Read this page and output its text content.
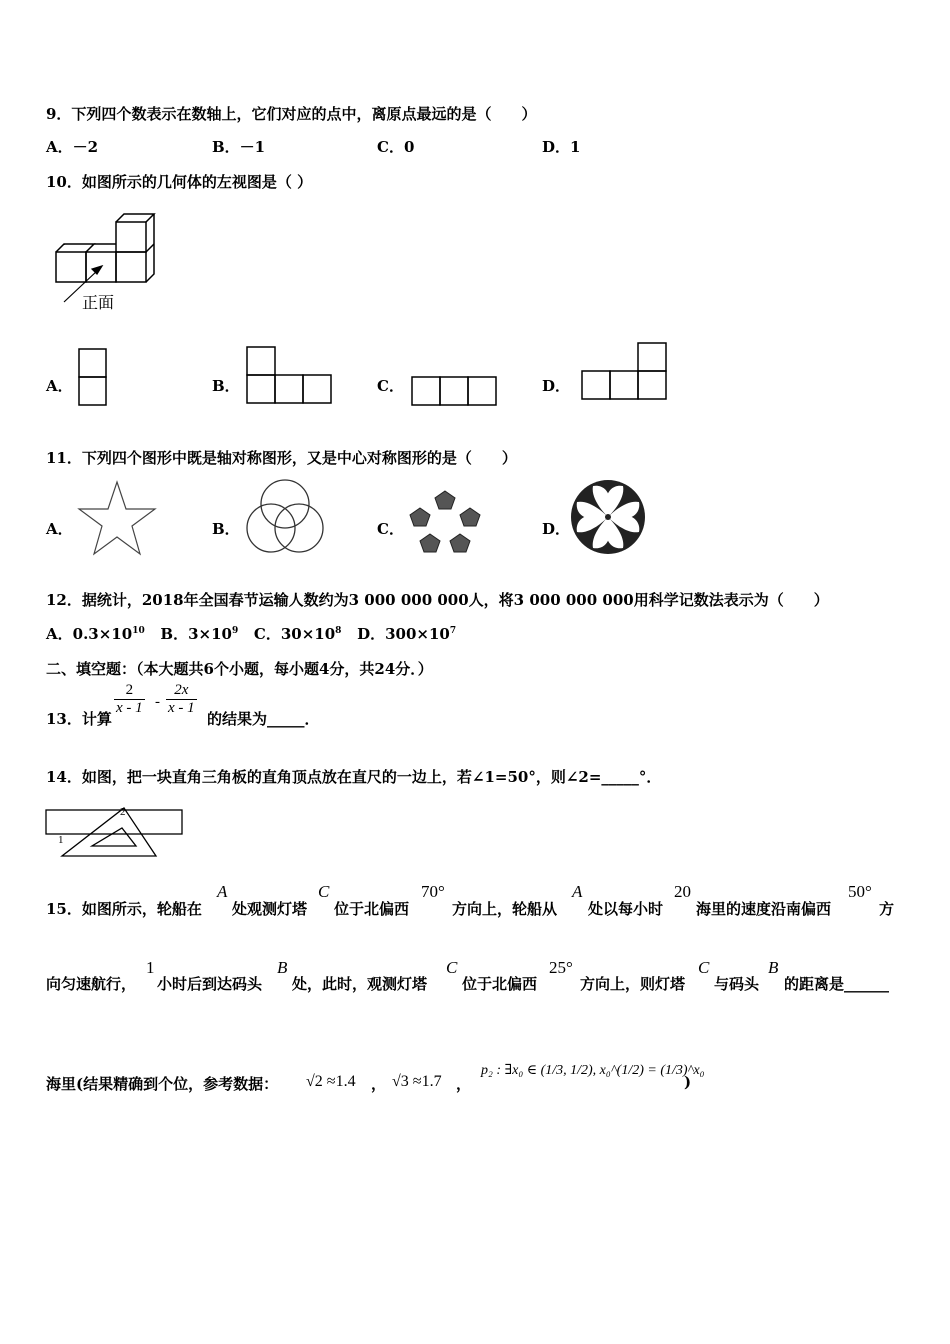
9．下列四个数表示在数轴上，它们对应的点中，离原点最远的是（　　）
A．－2	B．－1	C．0	D．1
10．如图所示的几何体的左视图是（ ）
正面
A．	B．	C．	D．
11．下列四个图形中既是轴对称图形，又是中心对称图形的是（　　）
A．	B．	C．	D．
12．据统计，2018年全国春节运输人数约为3 000 000 000人，将3 000 000 000用科学记数法表示为（　　）
A．$0.3\times 10^{10}$ B．$3\times 10^9$ C．$30\times 10^8$ D．$300\times 10^7$
二、填空题：（本大题共6个小题，每小题4分，共24分．）
13．计算
$\frac{2}{x - 1} - \frac{2x}{x - 1}$
的结果为_____．
14．如图，把一块直角三角板的直角顶点放在直尺的一边上，若∠1=50°，则∠2=_____°．
2
1
15．如图所示，轮船在
A
处观测灯塔
C
位于北偏西
70°
方向上，轮船从
A
处以每小时
20
海里的速度沿南偏西
50°
方
向匀速航行，
1
小时后到达码头
B
处，此时，观测灯塔
C
位于北偏西
25°
方向上，则灯塔
C
与码头
B
的距离是______
海里(结果精确到个位，参考数据： √2 ≈1.4 ， √3 ≈1.7 ，
p₂ : ∃x₀ ∈ (1/3, 1/2), x₀^(1/2) = (1/3)^x₀
)
